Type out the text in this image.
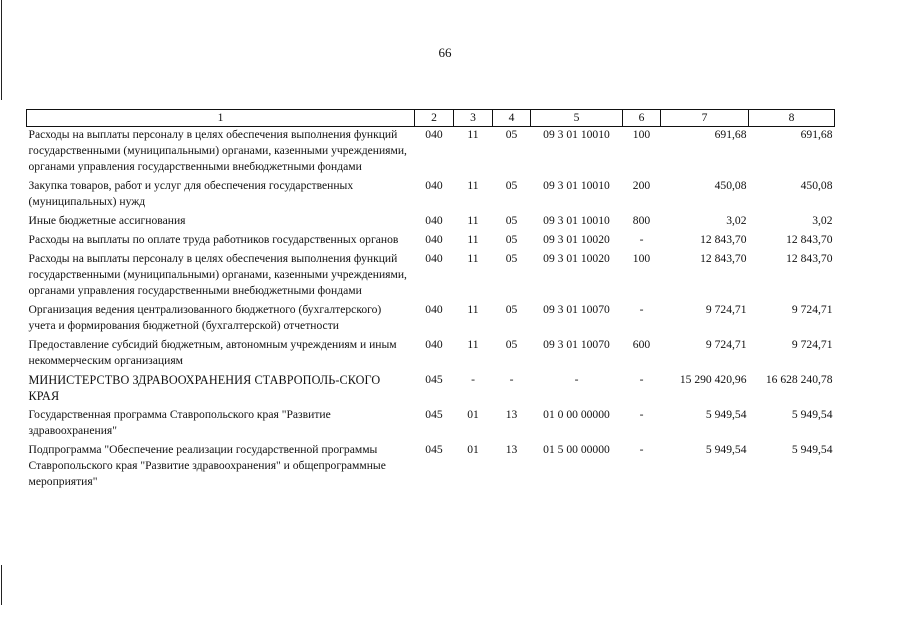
66
1	2	3	4	5	6	7	8
Расходы на выплаты персоналу в целях обеспечения выполнения функций государственными (муниципальными) органами, казенными учреждениями, органами управления государственными внебюджетными фондами	040	11	05	09 3 01 10010	100	691,68	691,68
Закупка товаров, работ и услуг для обеспечения государственных (муниципальных) нужд	040	11	05	09 3 01 10010	200	450,08	450,08
Иные бюджетные ассигнования	040	11	05	09 3 01 10010	800	3,02	3,02
Расходы на выплаты по оплате труда работников государственных органов	040	11	05	09 3 01 10020	-	12 843,70	12 843,70
Расходы на выплаты персоналу в целях обеспечения выполнения функций государственными (муниципальными) органами, казенными учреждениями, органами управления государственными внебюджетными фондами	040	11	05	09 3 01 10020	100	12 843,70	12 843,70
Организация ведения централизованного бюджетного (бухгалтерского) учета и формирования бюджетной (бухгалтерской) отчетности	040	11	05	09 3 01 10070	-	9 724,71	9 724,71
Предоставление субсидий бюджетным, автономным учреждениям и иным некоммерческим организациям	040	11	05	09 3 01 10070	600	9 724,71	9 724,71
МИНИСТЕРСТВО ЗДРАВООХРАНЕНИЯ СТАВРОПОЛЬ-СКОГО КРАЯ	045	-	-	-	-	15 290 420,96	16 628 240,78
Государственная программа Ставропольского края "Развитие здравоохранения"	045	01	13	01 0 00 00000	-	5 949,54	5 949,54
Подпрограмма "Обеспечение реализации государственной программы Ставропольского края "Развитие здравоохранения" и общепрограммные мероприятия"	045	01	13	01 5 00 00000	-	5 949,54	5 949,54
